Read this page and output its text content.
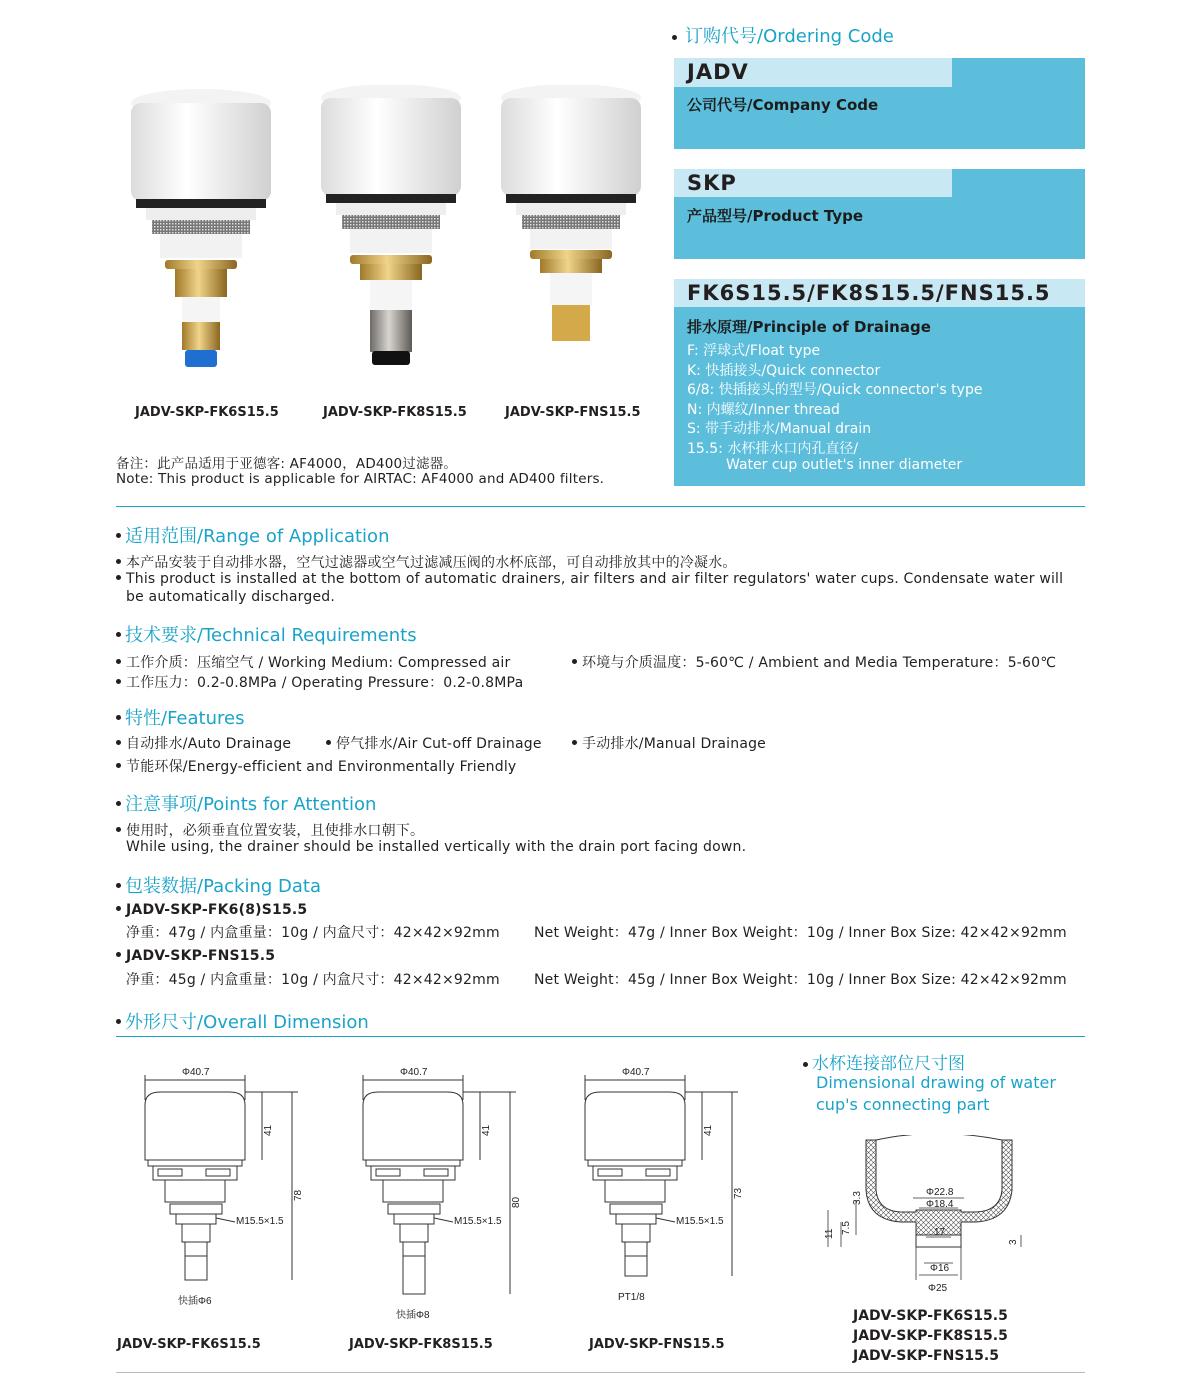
JADV-SKP-FK6S15.5	JADV-SKP-FK8S15.5	JADV-SKP-FNS15.5
备注：此产品适用于亚德客: AF4000，AD400过滤器。
Note: This product is applicable for AIRTAC: AF4000 and AD400 filters.
订购代号/Ordering Code
JADV
公司代号/Company Code
SKP
产品型号/Product Type
FK6S15.5/FK8S15.5/FNS15.5
排水原理/Principle of Drainage
F: 浮球式/Float type
K: 快插接头/Quick connector
6/8: 快插接头的型号/Quick connector's type
N: 内螺纹/Inner thread
S: 带手动排水/Manual drain
15.5: 水杯排水口内孔直径/
Water cup outlet's inner diameter
适用范围/Range of Application
本产品安装于自动排水器，空气过滤器或空气过滤减压阀的水杯底部，可自动排放其中的冷凝水。
This product is installed at the bottom of automatic drainers, air filters and air filter regulators' water cups. Condensate water will
be automatically discharged.
技术要求/Technical Requirements
工作介质：压缩空气 / Working Medium: Compressed air	环境与介质温度：5-60℃ / Ambient and Media Temperature：5-60℃
工作压力：0.2-0.8MPa / Operating Pressure：0.2-0.8MPa
特性/Features
自动排水/Auto Drainage	停气排水/Air Cut-off Drainage	手动排水/Manual Drainage
节能环保/Energy-efficient and Environmentally Friendly
注意事项/Points for Attention
使用时，必须垂直位置安装，且使排水口朝下。
While using, the drainer should be installed vertically with the drain port facing down.
包装数据/Packing Data
JADV-SKP-FK6(8)S15.5
净重：47g / 内盒重量：10g / 内盒尺寸：42×42×92mm Net Weight：47g / Inner Box Weight：10g / Inner Box Size: 42×42×92mm
JADV-SKP-FNS15.5
净重：45g / 内盒重量：10g / 内盒尺寸：42×42×92mm Net Weight：45g / Inner Box Weight：10g / Inner Box Size: 42×42×92mm
外形尺寸/Overall Dimension
Φ40.7
41
78
M15.5×1.5
快插Φ6
Φ40.7
41
80
M15.5×1.5
快插Φ8
Φ40.7
41
73
M15.5×1.5
PT1/8
JADV-SKP-FK6S15.5	JADV-SKP-FK8S15.5	JADV-SKP-FNS15.5
水杯连接部位尺寸图
Dimensional drawing of water
cup's connecting part
Φ22.8
Φ18.4
17
Φ16
Φ25
3.3
7.5
11
3
JADV-SKP-FK6S15.5
JADV-SKP-FK8S15.5
JADV-SKP-FNS15.5
